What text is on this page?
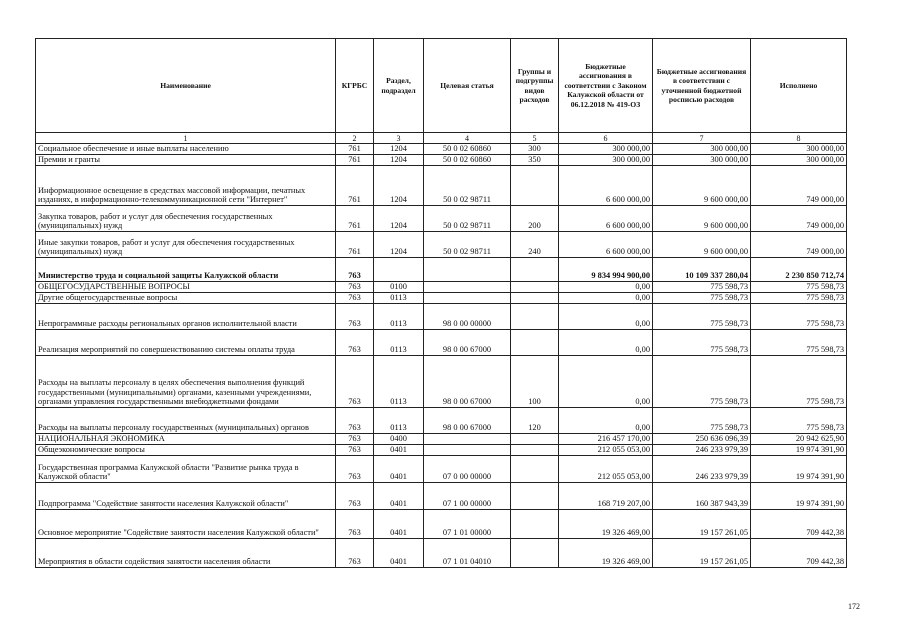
Наименование	КГРБС	Раздел, подраздел	Целевая статья	Группы и подгруппы видов расходов	Бюджетные ассигнования в соответствии с Законом Калужской области от 06.12.2018 № 419-ОЗ	Бюджетные ассигнования в соответствии с уточненной бюджетной росписью расходов	Исполнено
1	2	3	4	5	6	7	8
Социальное обеспечение и иные выплаты населению	761	1204	50 0 02 60860	300	300 000,00	300 000,00	300 000,00
Премии и гранты	761	1204	50 0 02 60860	350	300 000,00	300 000,00	300 000,00
Информационное освещение в средствах массовой информации, печатных изданиях, в информационно-телекоммуникационной сети "Интернет"	761	1204	50 0 02 98711		6 600 000,00	9 600 000,00	749 000,00
Закупка товаров, работ и услуг для обеспечения государственных (муниципальных) нужд	761	1204	50 0 02 98711	200	6 600 000,00	9 600 000,00	749 000,00
Иные закупки товаров, работ и услуг для обеспечения государственных (муниципальных) нужд	761	1204	50 0 02 98711	240	6 600 000,00	9 600 000,00	749 000,00
Министерство труда и социальной защиты Калужской области	763				9 834 994 900,00	10 109 337 280,04	2 230 850 712,74
ОБЩЕГОСУДАРСТВЕННЫЕ ВОПРОСЫ	763	0100			0,00	775 598,73	775 598,73
Другие общегосударственные вопросы	763	0113			0,00	775 598,73	775 598,73
Непрограммные расходы региональных органов исполнительной власти	763	0113	98 0 00 00000		0,00	775 598,73	775 598,73
Реализация мероприятий по совершенствованию системы оплаты труда	763	0113	98 0 00 67000		0,00	775 598,73	775 598,73
Расходы на выплаты персоналу в целях обеспечения выполнения функций государственными (муниципальными) органами, казенными учреждениями, органами управления государственными внебюджетными фондами	763	0113	98 0 00 67000	100	0,00	775 598,73	775 598,73
Расходы на выплаты персоналу государственных (муниципальных) органов	763	0113	98 0 00 67000	120	0,00	775 598,73	775 598,73
НАЦИОНАЛЬНАЯ ЭКОНОМИКА	763	0400			216 457 170,00	250 636 096,39	20 942 625,90
Общеэкономические вопросы	763	0401			212 055 053,00	246 233 979,39	19 974 391,90
Государственная программа Калужской области "Развитие рынка труда в Калужской области"	763	0401	07 0 00 00000		212 055 053,00	246 233 979,39	19 974 391,90
Подпрограмма "Содействие занятости населения Калужской области"	763	0401	07 1 00 00000		168 719 207,00	160 387 943,39	19 974 391,90
Основное мероприятие "Содействие занятости населения Калужской области"	763	0401	07 1 01 00000		19 326 469,00	19 157 261,05	709 442,38
Мероприятия в области содействия занятости населения области	763	0401	07 1 01 04010		19 326 469,00	19 157 261,05	709 442,38
172
